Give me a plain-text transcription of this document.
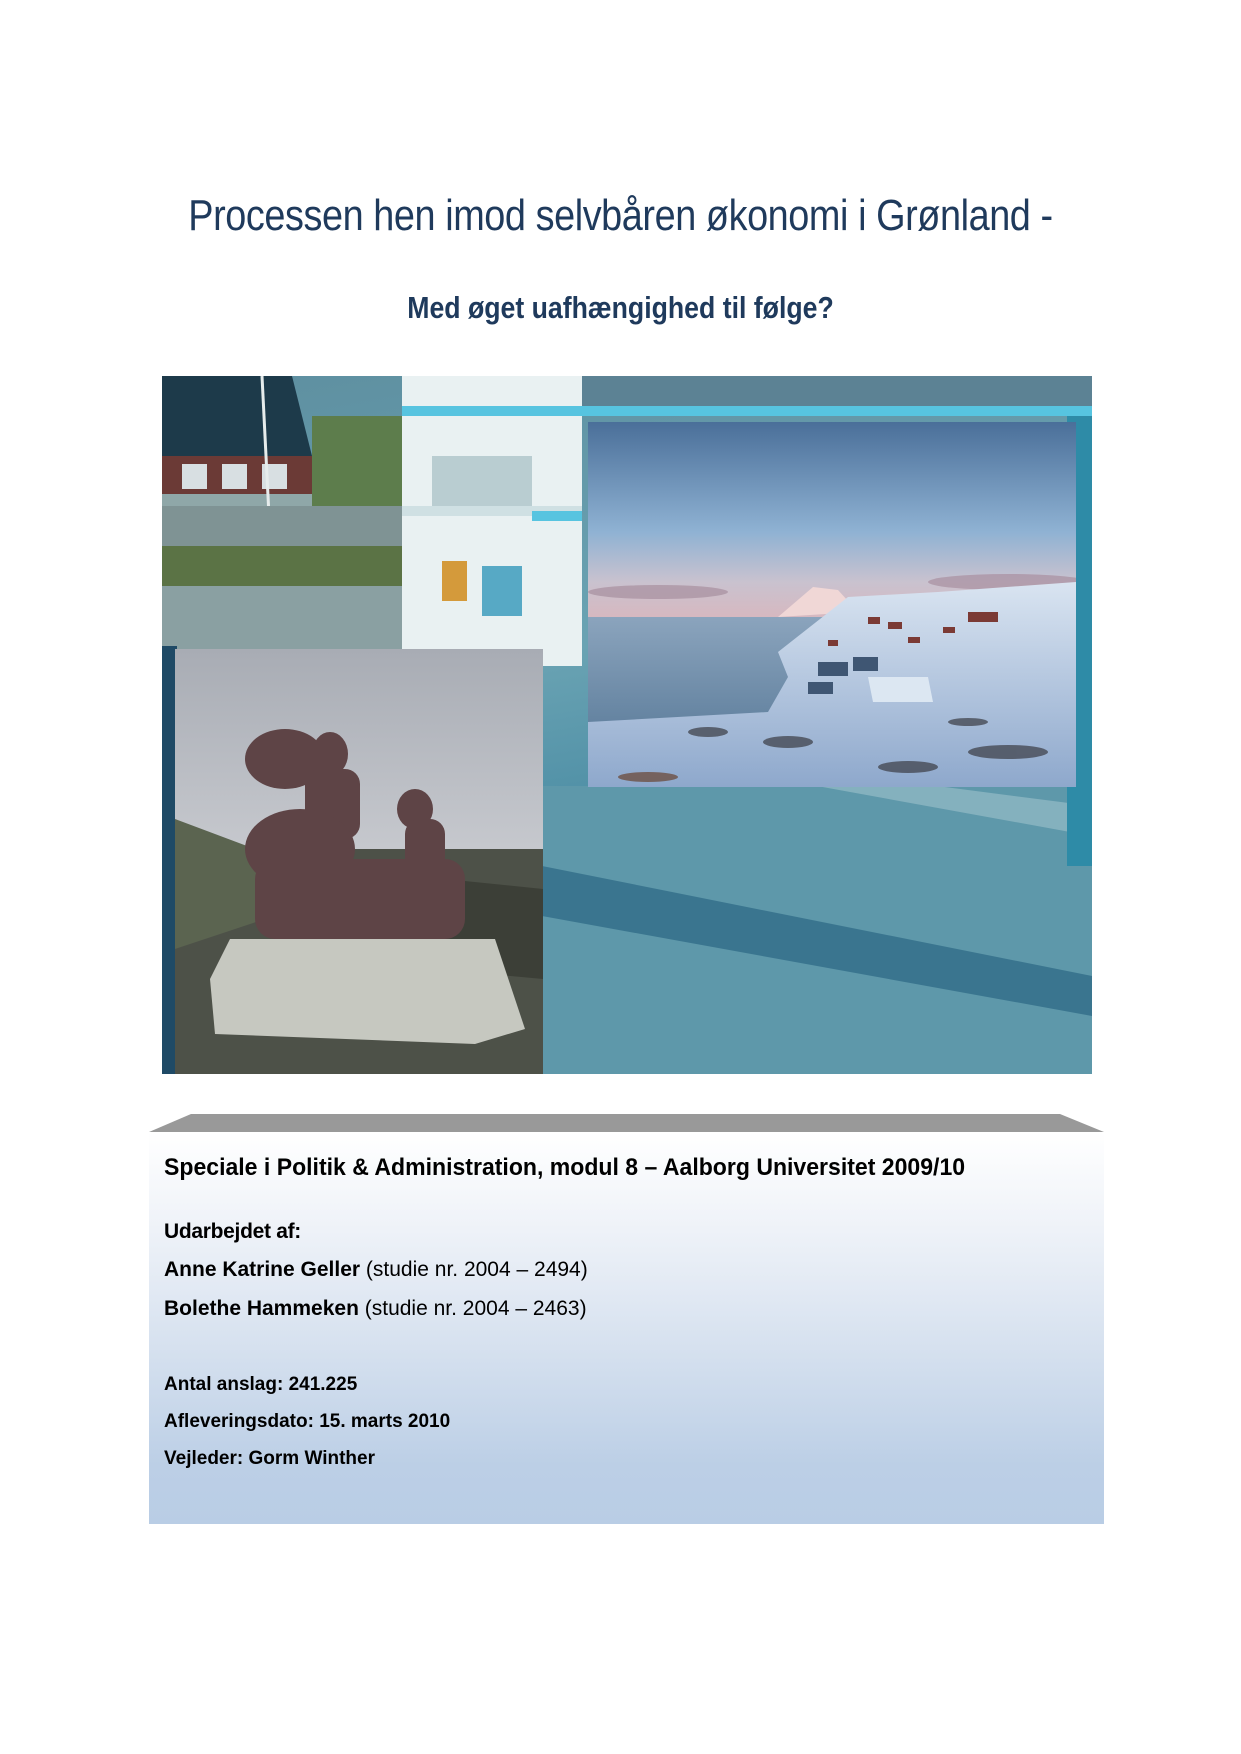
Processen hen imod selvbåren økonomi i Grønland -
Med øget uafhængighed til følge?
Speciale i Politik & Administration, modul 8 – Aalborg Universitet 2009/10
Udarbejdet af:
Anne Katrine Geller (studie nr. 2004 – 2494)
Bolethe Hammeken (studie nr. 2004 – 2463)
Antal anslag: 241.225
Afleveringsdato: 15. marts 2010
Vejleder: Gorm Winther
